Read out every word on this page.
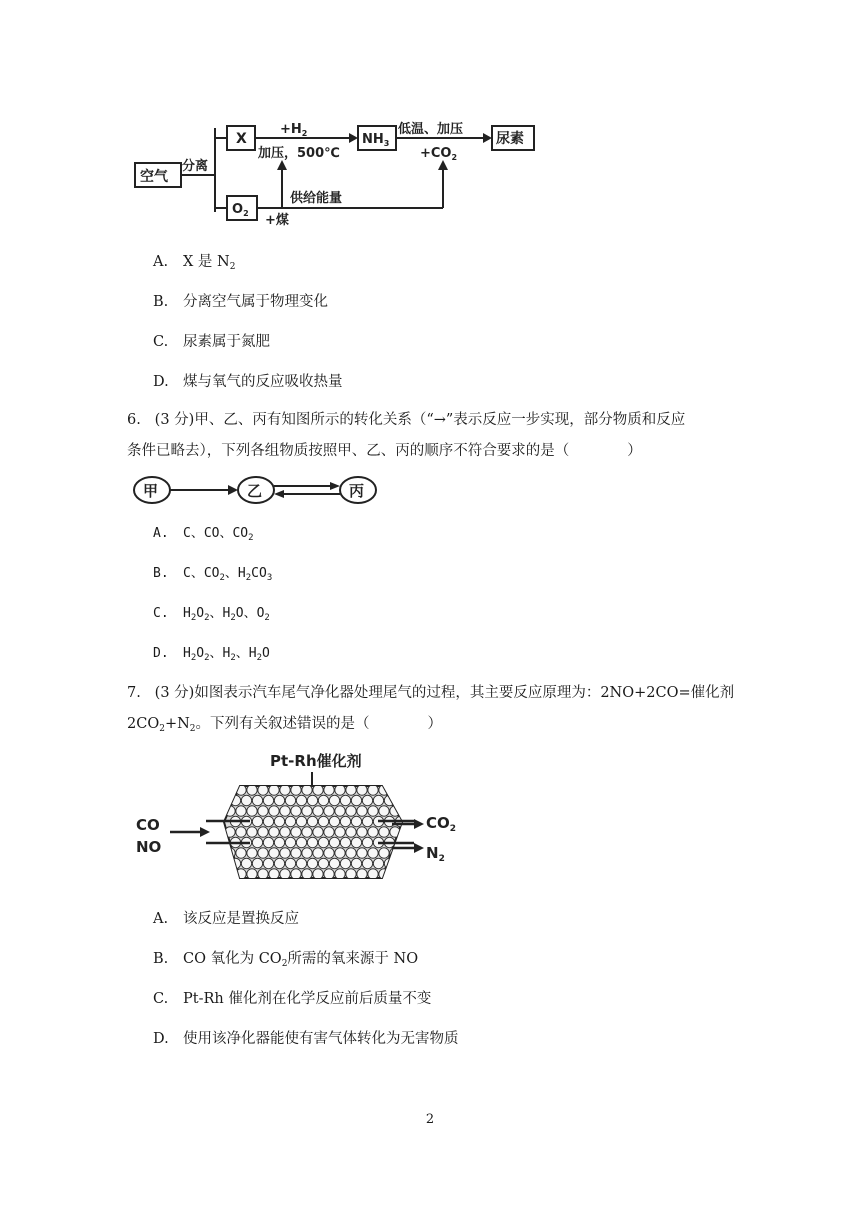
空气
分离
X
$O_2$
$+H_2$
加压，500℃
$NH_3$
低温、加压
$+CO_2$
尿素
供给能量
+煤
A. X 是 $N_2$
B. 分离空气属于物理变化
C. 尿素属于氮肥
D. 煤与氧气的反应吸收热量
6. (3 分)甲、乙、丙有知图所示的转化关系（“→”表示反应一步实现，部分物质和反应
条件已略去），下列各组物质按照甲、乙、丙的顺序不符合要求的是（　　　　）
甲	乙	丙
A. C、CO、$CO_2$
B. C、$CO_2$、$H_2CO_3$
C. $H_2O_2$、$H_2O$、$O_2$
D. $H_2O_2$、$H_2$、$H_2O$
7. (3 分)如图表示汽车尾气净化器处理尾气的过程，其主要反应原理为：2NO+2CO=催化剂
$2CO_2+N_2$。下列有关叙述错误的是（　　　　）
Pt-Rh催化剂
CO
NO
$CO_2$
$N_2$
A. 该反应是置换反应
B. CO 氧化为 $CO_2$所需的氧来源于 NO
C. Pt-Rh 催化剂在化学反应前后质量不变
D. 使用该净化器能使有害气体转化为无害物质
2
